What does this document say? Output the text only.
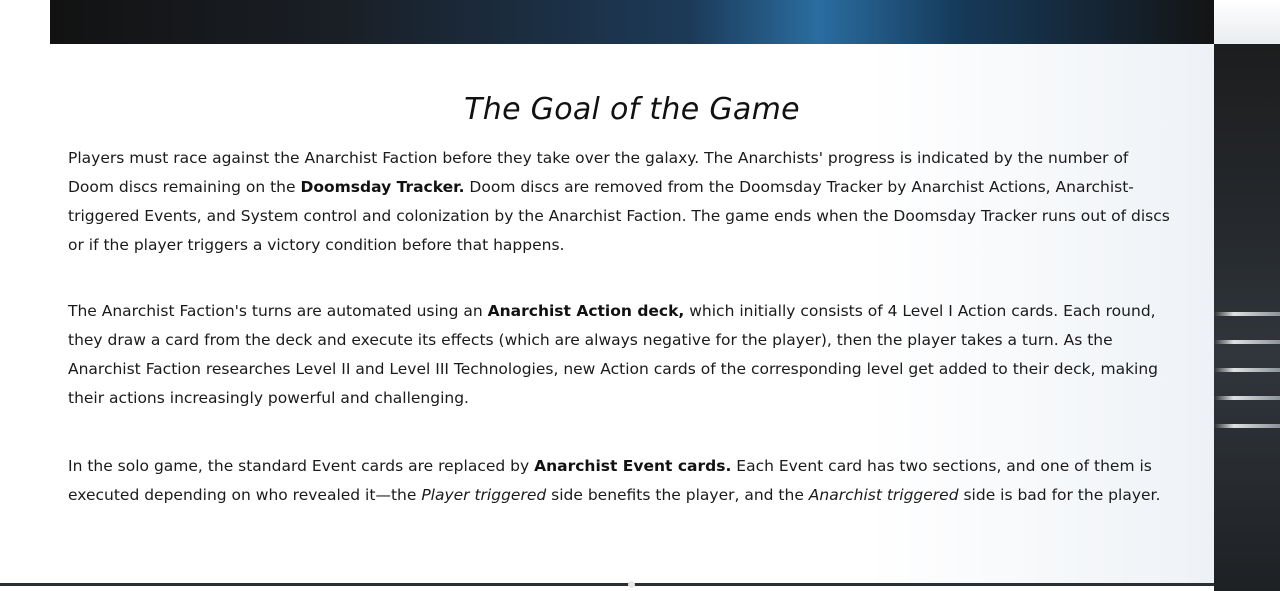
The Goal of the Game

Players must race against the Anarchist Faction before they take over the galaxy. The Anarchists' progress is indicated by the number of Doom discs remaining on the Doomsday Tracker. Doom discs are removed from the Doomsday Tracker by Anarchist Actions, Anarchist-triggered Events, and System control and colonization by the Anarchist Faction. The game ends when the Doomsday Tracker runs out of discs or if the player triggers a victory condition before that happens.

The Anarchist Faction's turns are automated using an Anarchist Action deck, which initially consists of 4 Level I Action cards. Each round, they draw a card from the deck and execute its effects (which are always negative for the player), then the player takes a turn. As the Anarchist Faction researches Level II and Level III Technologies, new Action cards of the corresponding level get added to their deck, making their actions increasingly powerful and challenging.

In the solo game, the standard Event cards are replaced by Anarchist Event cards. Each Event card has two sections, and one of them is executed depending on who revealed it—the Player triggered side benefits the player, and the Anarchist triggered side is bad for the player.
